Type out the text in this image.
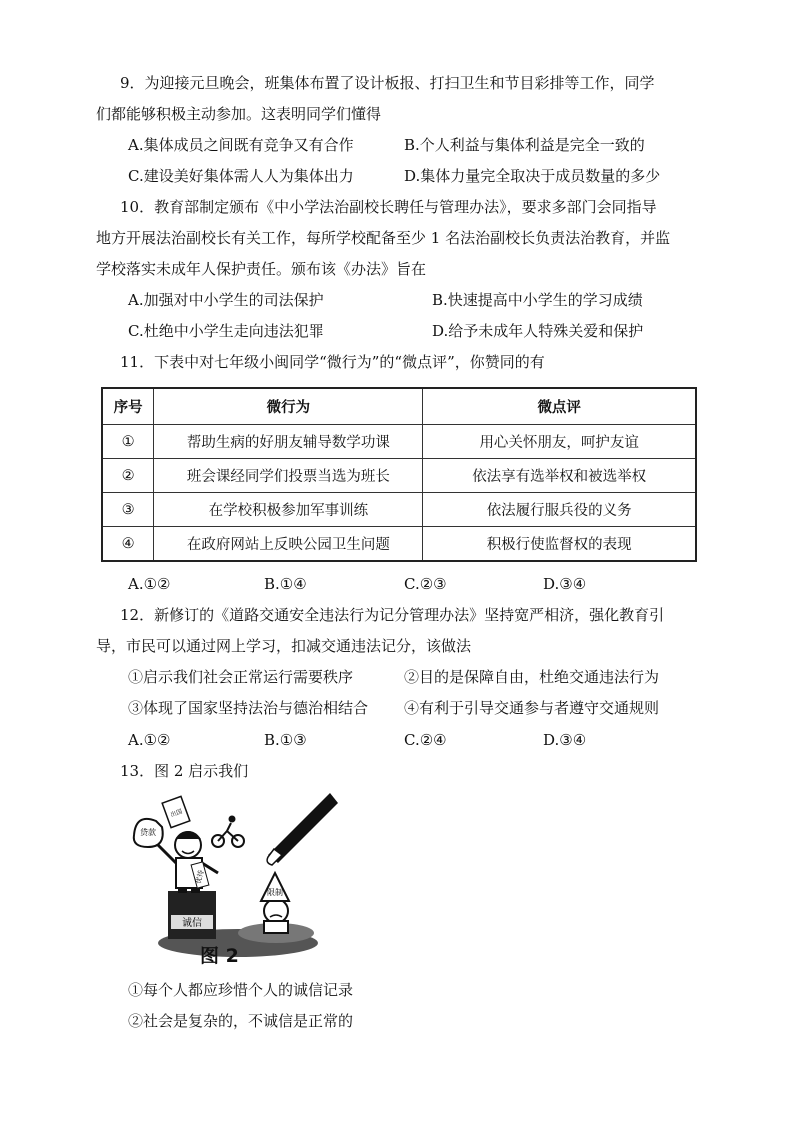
9．为迎接元旦晚会，班集体布置了设计板报、打扫卫生和节目彩排等工作，同学
们都能够积极主动参加。这表明同学们懂得
A.集体成员之间既有竞争又有合作	B.个人利益与集体利益是完全一致的
C.建设美好集体需人人为集体出力	D.集体力量完全取决于成员数量的多少
10．教育部制定颁布《中小学法治副校长聘任与管理办法》，要求多部门会同指导
地方开展法治副校长有关工作，每所学校配备至少 1 名法治副校长负责法治教育，并监
学校落实未成年人保护责任。颁布该《办法》旨在
A.加强对中小学生的司法保护	B.快速提高中小学生的学习成绩
C.杜绝中小学生走向违法犯罪	D.给予未成年人特殊关爱和保护
11．下表中对七年级小闽同学“微行为”的“微点评”，你赞同的有
序号	微行为	微点评
①	帮助生病的好朋友辅导数学功课	用心关怀朋友，呵护友谊
②	班会课经同学们投票当选为班长	依法享有选举权和被选举权
③	在学校积极参加军事训练	依法履行服兵役的义务
④	在政府网站上反映公园卫生问题	积极行使监督权的表现
A.①②	B.①④	C.②③	D.③④
12．新修订的《道路交通安全违法行为记分管理办法》坚持宽严相济，强化教育引
导，市民可以通过网上学习，扣减交通违法记分，该做法
①启示我们社会正常运行需要秩序	②目的是保障自由，杜绝交通违法行为
③体现了国家坚持法治与德治相结合 ④有利于引导交通参与者遵守交通规则
A.①②	B.①③	C.②④	D.③④
13．图 2 启示我们
诚信
优待
贷款
出国
限制
图 2
①每个人都应珍惜个人的诚信记录
②社会是复杂的，不诚信是正常的
